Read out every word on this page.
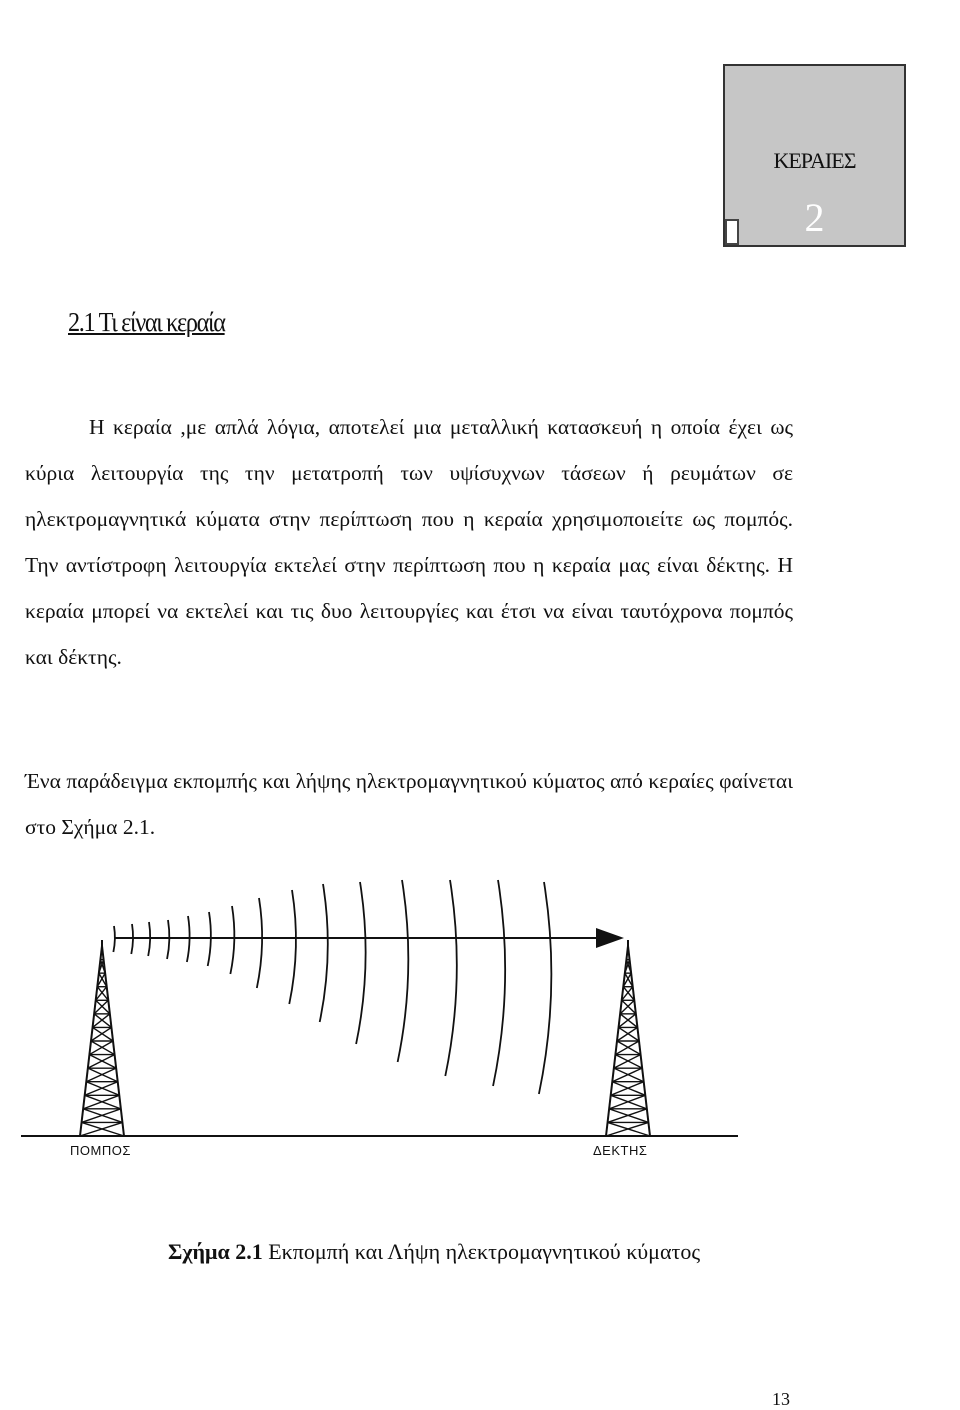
ΚΕΡΑΙΕΣ
2
2.1 Τι είναι κεραία

Η κεραία ,με απλά λόγια, αποτελεί μια μεταλλική κατασκευή η οποία έχει ως κύρια λειτουργία της την μετατροπή των υψίσυχνων τάσεων ή ρευμάτων σε ηλεκτρομαγνητικά κύματα στην περίπτωση που η κεραία χρησιμοποιείτε ως πομπός. Την αντίστροφη λειτουργία εκτελεί στην περίπτωση που η κεραία μας είναι δέκτης. Η κεραία μπορεί να εκτελεί και τις δυο λειτουργίες και έτσι να είναι ταυτόχρονα πομπός και δέκτης.

Ένα παράδειγμα εκπομπής και λήψης ηλεκτρομαγνητικού κύματος από κεραίες φαίνεται στο Σχήμα 2.1.

ΠΟΜΠΟΣ	ΔΕΚΤΗΣ

Σχήμα 2.1 Εκπομπή και Λήψη ηλεκτρομαγνητικού κύματος

13
